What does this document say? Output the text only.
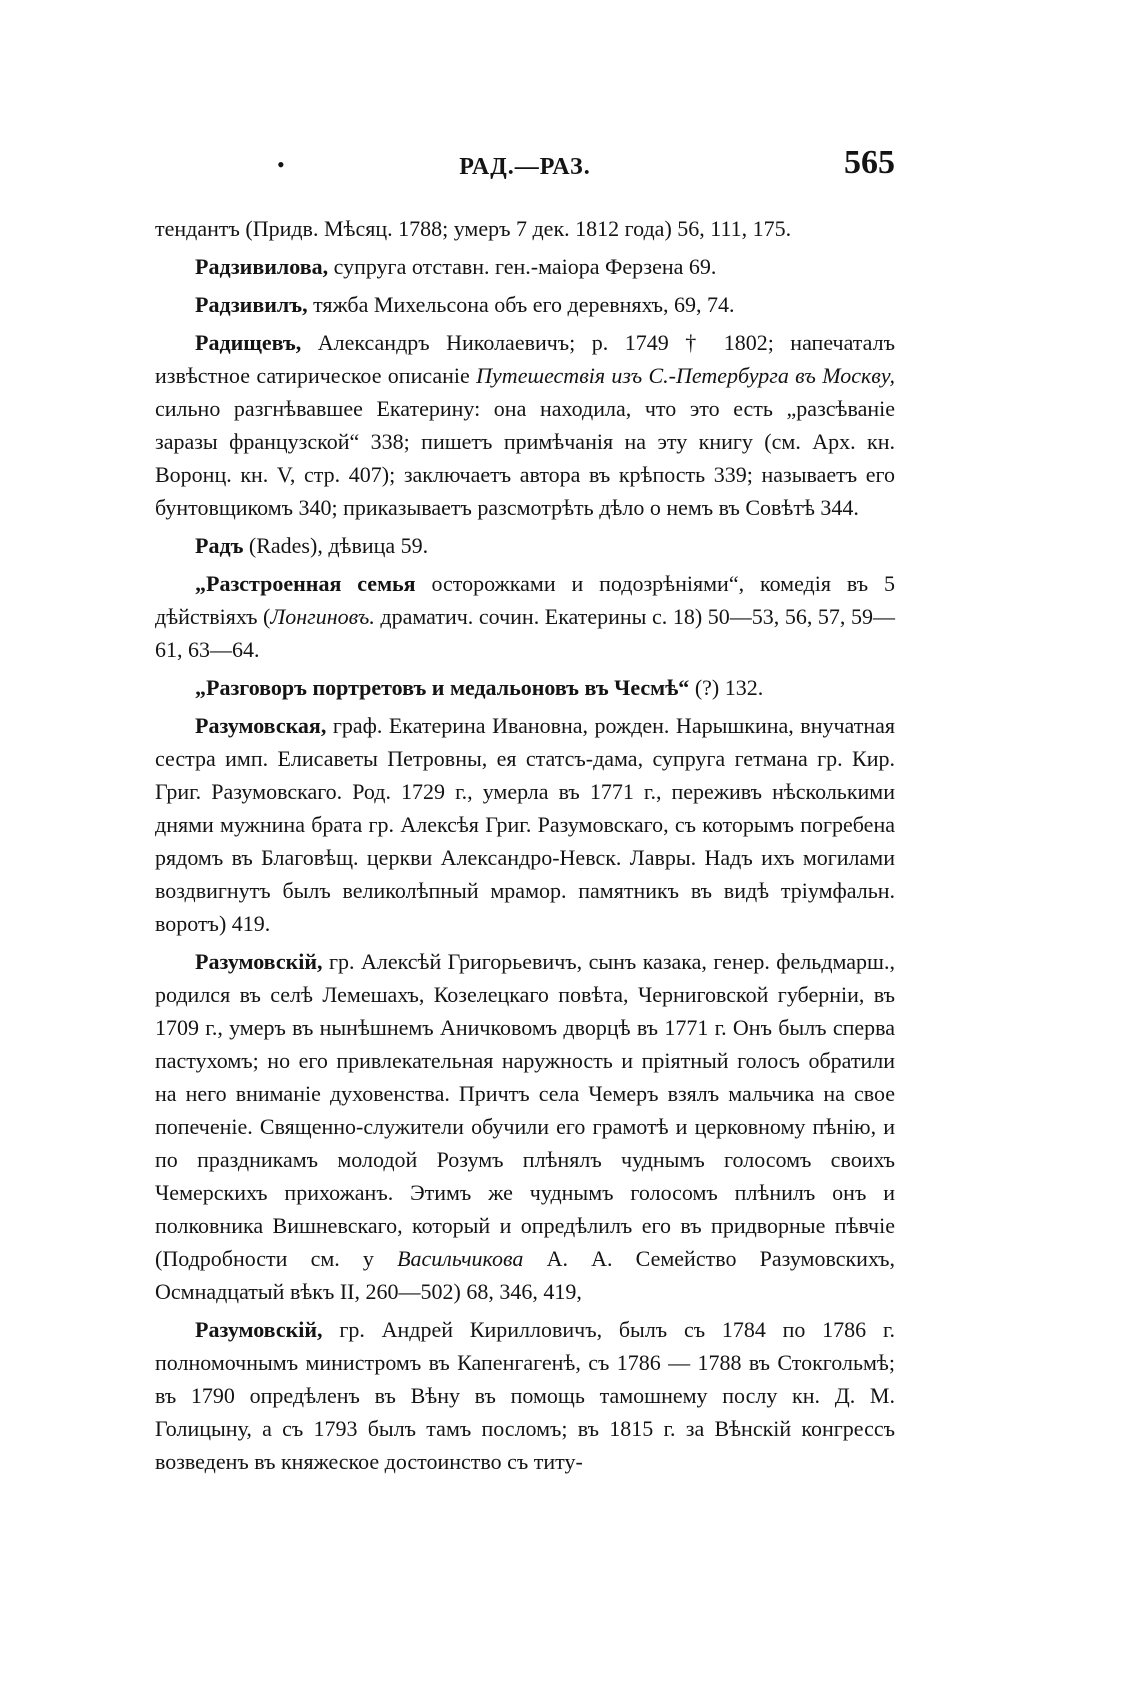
•	РАД.—РАЗ.	565

тендантъ (Придв. Мѣсяц. 1788; умеръ 7 дек. 1812 года) 56, 111, 175.

Радзивилова, супруга отставн. ген.-маіора Ферзена 69.

Радзивилъ, тяжба Михельсона объ его деревняхъ, 69, 74.

Радищевъ, Александръ Николаевичъ; р. 1749 † 1802; напечаталъ извѣстное сатирическое описаніе Путешествія изъ С.-Петербурга въ Москву, сильно разгнѣвавшее Екатерину: она находила, что это есть „разсѣваніе заразы французской“ 338; пишетъ примѣчанія на эту книгу (см. Арх. кн. Воронц. кн. V, стр. 407); заключаетъ автора въ крѣпость 339; называетъ его бунтовщикомъ 340; приказываетъ разсмотрѣть дѣло о немъ въ Совѣтѣ 344.

Радъ (Rades), дѣвица 59.

„Разстроенная семья осторожками и подозрѣніями“, комедія въ 5 дѣйствіяхъ (Лонгиновъ. драматич. сочин. Екатерины с. 18) 50—53, 56, 57, 59—61, 63—64.

„Разговоръ портретовъ и медальоновъ въ Чесмѣ“ (?) 132.

Разумовская, граф. Екатерина Ивановна, рожден. Нарышкина, внучатная сестра имп. Елисаветы Петровны, ея статсъ-дама, супруга гетмана гр. Кир. Григ. Разумовскаго. Род. 1729 г., умерла въ 1771 г., переживъ нѣсколькими днями мужнина брата гр. Алексѣя Григ. Разумовскаго, съ которымъ погребена рядомъ въ Благовѣщ. церкви Александро-Невск. Лавры. Надъ ихъ могилами воздвигнутъ былъ великолѣпный мрамор. памятникъ въ видѣ тріумфальн. воротъ) 419.

Разумовскій, гр. Алексѣй Григорьевичъ, сынъ казака, генер. фельдмарш., родился въ селѣ Лемешахъ, Козелецкаго повѣта, Черниговской губерніи, въ 1709 г., умеръ въ нынѣшнемъ Аничковомъ дворцѣ въ 1771 г. Онъ былъ сперва пастухомъ; но его привлекательная наружность и пріятный голосъ обратили на него вниманіе духовенства. Причтъ села Чемеръ взялъ мальчика на свое попеченіе. Священно-служители обучили его грамотѣ и церковному пѣнію, и по праздникамъ молодой Розумъ плѣнялъ чуднымъ голосомъ своихъ Чемерскихъ прихожанъ. Этимъ же чуднымъ голосомъ плѣнилъ онъ и полковника Вишневскаго, который и опредѣлилъ его въ придворные пѣвчіе (Подробности см. у Васильчикова А. А. Семейство Разумовскихъ, Осмнадцатый вѣкъ II, 260—502) 68, 346, 419,

Разумовскій, гр. Андрей Кирилловичъ, былъ съ 1784 по 1786 г. полномочнымъ министромъ въ Капенгагенѣ, съ 1786 — 1788 въ Стокгольмѣ; въ 1790 опредѣленъ въ Вѣну въ помощь тамошнему послу кн. Д. М. Голицыну, а съ 1793 былъ тамъ посломъ; въ 1815 г. за Вѣнскій конгрессъ возведенъ въ княжеское достоинство съ титу-
